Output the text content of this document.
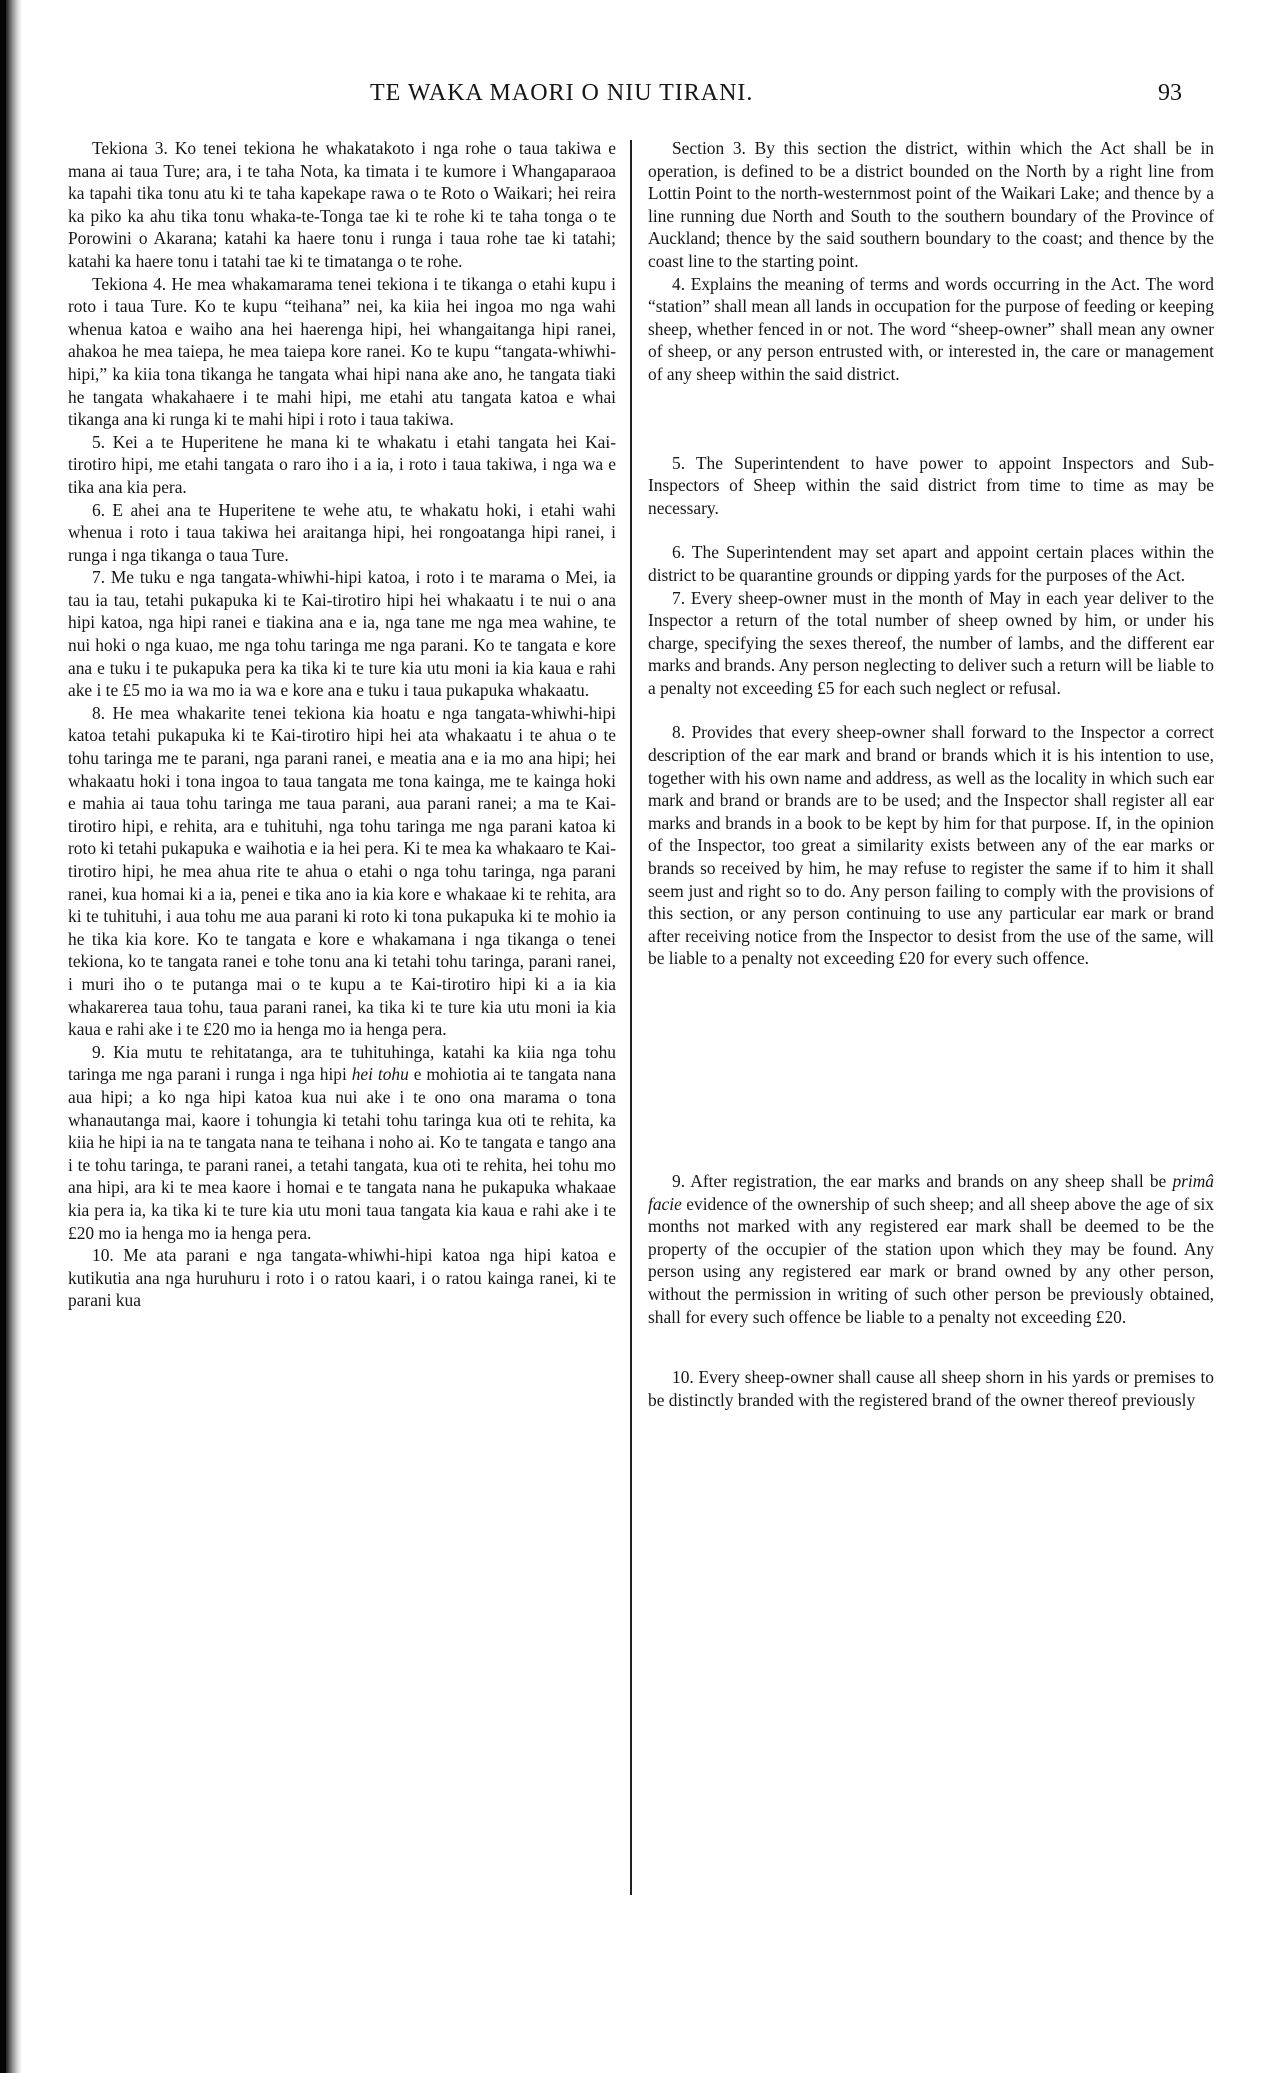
TE WAKA MAORI O NIU TIRANI.	93

Tekiona 3. Ko tenei tekiona he whakatakoto i nga rohe o taua takiwa e mana ai taua Ture; ara, i te taha Nota, ka timata i te kumore i Whangaparaoa ka tapahi tika tonu atu ki te taha kapekape rawa o te Roto o Waikari; hei reira ka piko ka ahu tika tonu whaka-te-Tonga tae ki te rohe ki te taha tonga o te Porowini o Akarana; katahi ka haere tonu i runga i taua rohe tae ki tatahi; katahi ka haere tonu i tatahi tae ki te timatanga o te rohe.

Tekiona 4. He mea whakamarama tenei tekiona i te tikanga o etahi kupu i roto i taua Ture. Ko te kupu “teihana” nei, ka kiia hei ingoa mo nga wahi whenua katoa e waiho ana hei haerenga hipi, hei whangaitanga hipi ranei, ahakoa he mea taiepa, he mea taiepa kore ranei. Ko te kupu “tangata-whiwhi-hipi,” ka kiia tona tikanga he tangata whai hipi nana ake ano, he tangata tiaki he tangata whakahaere i te mahi hipi, me etahi atu tangata katoa e whai tikanga ana ki runga ki te mahi hipi i roto i taua takiwa.

5. Kei a te Huperitene he mana ki te whakatu i etahi tangata hei Kai-tirotiro hipi, me etahi tangata o raro iho i a ia, i roto i taua takiwa, i nga wa e tika ana kia pera.

6. E ahei ana te Huperitene te wehe atu, te whakatu hoki, i etahi wahi whenua i roto i taua takiwa hei araitanga hipi, hei rongoatanga hipi ranei, i runga i nga tikanga o taua Ture.

7. Me tuku e nga tangata-whiwhi-hipi katoa, i roto i te marama o Mei, ia tau ia tau, tetahi pukapuka ki te Kai-tirotiro hipi hei whakaatu i te nui o ana hipi katoa, nga hipi ranei e tiakina ana e ia, nga tane me nga mea wahine, te nui hoki o nga kuao, me nga tohu taringa me nga parani. Ko te tangata e kore ana e tuku i te pukapuka pera ka tika ki te ture kia utu moni ia kia kaua e rahi ake i te £5 mo ia wa mo ia wa e kore ana e tuku i taua pukapuka whakaatu.

8. He mea whakarite tenei tekiona kia hoatu e nga tangata-whiwhi-hipi katoa tetahi pukapuka ki te Kai-tirotiro hipi hei ata whakaatu i te ahua o te tohu taringa me te parani, nga parani ranei, e meatia ana e ia mo ana hipi; hei whakaatu hoki i tona ingoa to taua tangata me tona kainga, me te kainga hoki e mahia ai taua tohu taringa me taua parani, aua parani ranei; a ma te Kai-tirotiro hipi, e rehita, ara e tuhituhi, nga tohu taringa me nga parani katoa ki roto ki tetahi pukapuka e waihotia e ia hei pera. Ki te mea ka whakaaro te Kai-tirotiro hipi, he mea ahua rite te ahua o etahi o nga tohu taringa, nga parani ranei, kua homai ki a ia, penei e tika ano ia kia kore e whakaae ki te rehita, ara ki te tuhituhi, i aua tohu me aua parani ki roto ki tona pukapuka ki te mohio ia he tika kia kore. Ko te tangata e kore e whakamana i nga tikanga o tenei tekiona, ko te tangata ranei e tohe tonu ana ki tetahi tohu taringa, parani ranei, i muri iho o te putanga mai o te kupu a te Kai-tirotiro hipi ki a ia kia whakarerea taua tohu, taua parani ranei, ka tika ki te ture kia utu moni ia kia kaua e rahi ake i te £20 mo ia henga mo ia henga pera.

9. Kia mutu te rehitatanga, ara te tuhituhinga, katahi ka kiia nga tohu taringa me nga parani i runga i nga hipi hei tohu e mohiotia ai te tangata nana aua hipi; a ko nga hipi katoa kua nui ake i te ono ona marama o tona whanautanga mai, kaore i tohungia ki tetahi tohu taringa kua oti te rehita, ka kiia he hipi ia na te tangata nana te teihana i noho ai. Ko te tangata e tango ana i te tohu taringa, te parani ranei, a tetahi tangata, kua oti te rehita, hei tohu mo ana hipi, ara ki te mea kaore i homai e te tangata nana he pukapuka whakaae kia pera ia, ka tika ki te ture kia utu moni taua tangata kia kaua e rahi ake i te £20 mo ia henga mo ia henga pera.

10. Me ata parani e nga tangata-whiwhi-hipi katoa nga hipi katoa e kutikutia ana nga huruhuru i roto i o ratou kaari, i o ratou kainga ranei, ki te parani kua

Section 3. By this section the district, within which the Act shall be in operation, is defined to be a district bounded on the North by a right line from Lottin Point to the north-westernmost point of the Waikari Lake; and thence by a line running due North and South to the southern boundary of the Province of Auckland; thence by the said southern boundary to the coast; and thence by the coast line to the starting point.

4. Explains the meaning of terms and words occurring in the Act. The word “station” shall mean all lands in occupation for the purpose of feeding or keeping sheep, whether fenced in or not. The word “sheep-owner” shall mean any owner of sheep, or any person entrusted with, or interested in, the care or management of any sheep within the said district.

5. The Superintendent to have power to appoint Inspectors and Sub-Inspectors of Sheep within the said district from time to time as may be necessary.

6. The Superintendent may set apart and appoint certain places within the district to be quarantine grounds or dipping yards for the purposes of the Act.

7. Every sheep-owner must in the month of May in each year deliver to the Inspector a return of the total number of sheep owned by him, or under his charge, specifying the sexes thereof, the number of lambs, and the different ear marks and brands. Any person neglecting to deliver such a return will be liable to a penalty not exceeding £5 for each such neglect or refusal.

8. Provides that every sheep-owner shall forward to the Inspector a correct description of the ear mark and brand or brands which it is his intention to use, together with his own name and address, as well as the locality in which such ear mark and brand or brands are to be used; and the Inspector shall register all ear marks and brands in a book to be kept by him for that purpose. If, in the opinion of the Inspector, too great a similarity exists between any of the ear marks or brands so received by him, he may refuse to register the same if to him it shall seem just and right so to do. Any person failing to comply with the provisions of this section, or any person continuing to use any particular ear mark or brand after receiving notice from the Inspector to desist from the use of the same, will be liable to a penalty not exceeding £20 for every such offence.

9. After registration, the ear marks and brands on any sheep shall be primâ facie evidence of the ownership of such sheep; and all sheep above the age of six months not marked with any registered ear mark shall be deemed to be the property of the occupier of the station upon which they may be found. Any person using any registered ear mark or brand owned by any other person, without the permission in writing of such other person be previously obtained, shall for every such offence be liable to a penalty not exceeding £20.

10. Every sheep-owner shall cause all sheep shorn in his yards or premises to be distinctly branded with the registered brand of the owner thereof previously
